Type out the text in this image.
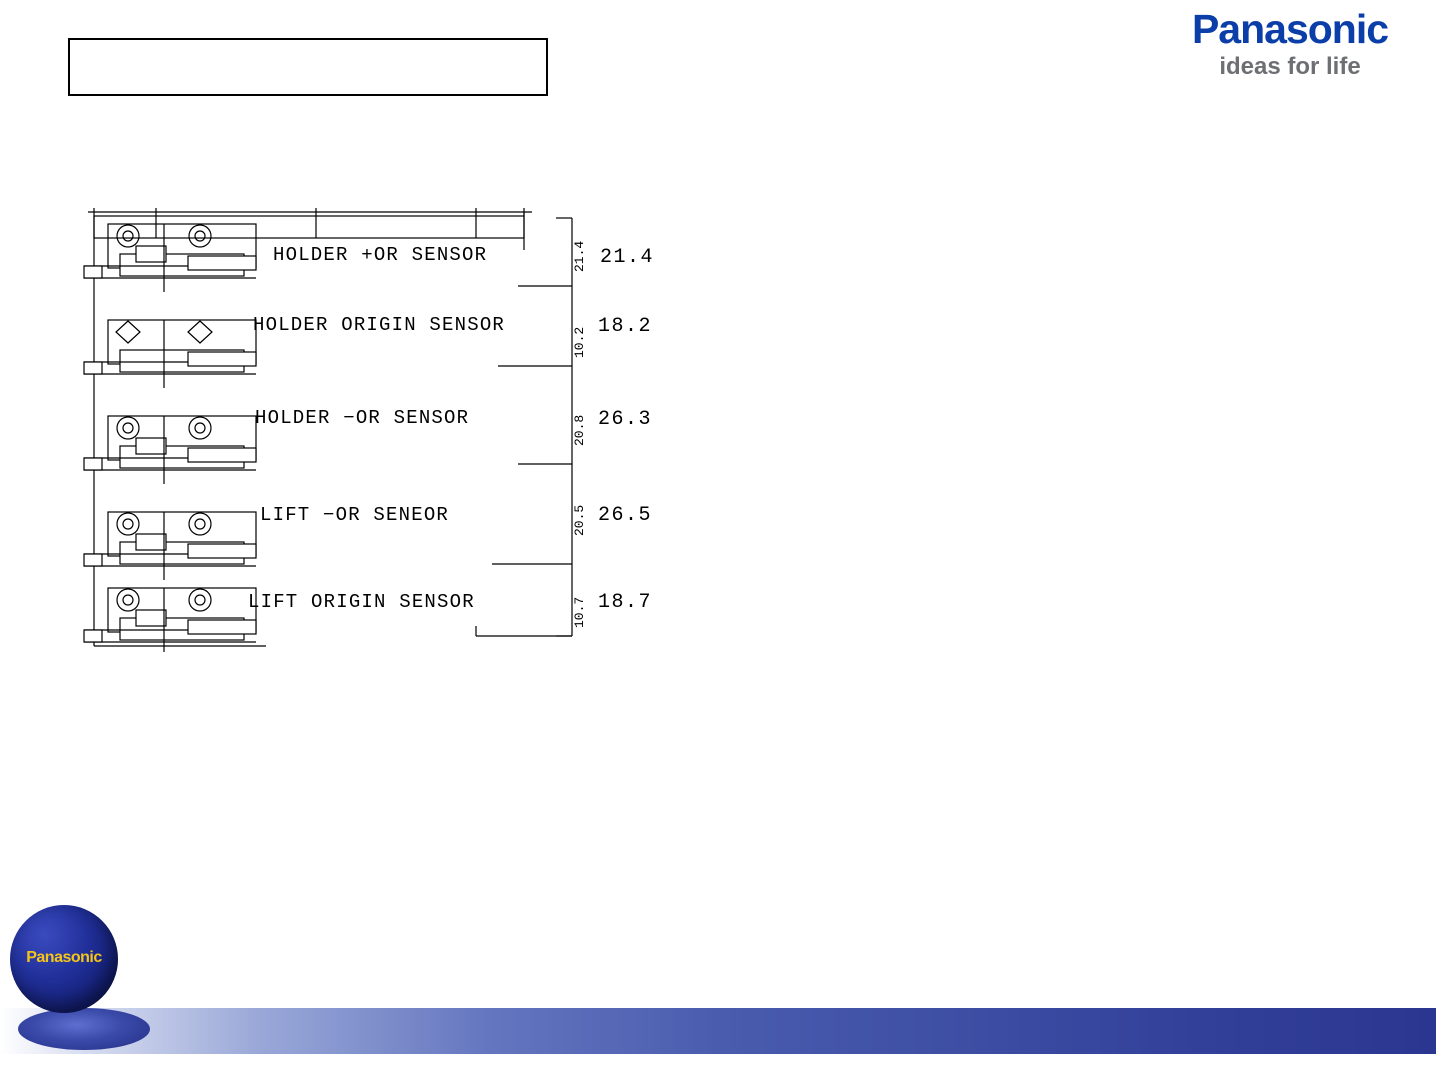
Panasonic
ideas for life
HOLDER +OR SENSOR
HOLDER ORIGIN SENSOR
HOLDER −OR SENSOR
LIFT −OR SENEOR
LIFT ORIGIN SENSOR
21.4
10.2
20.8
20.5
10.7
21.4
18.2
26.3
26.5
18.7
Panasonic
